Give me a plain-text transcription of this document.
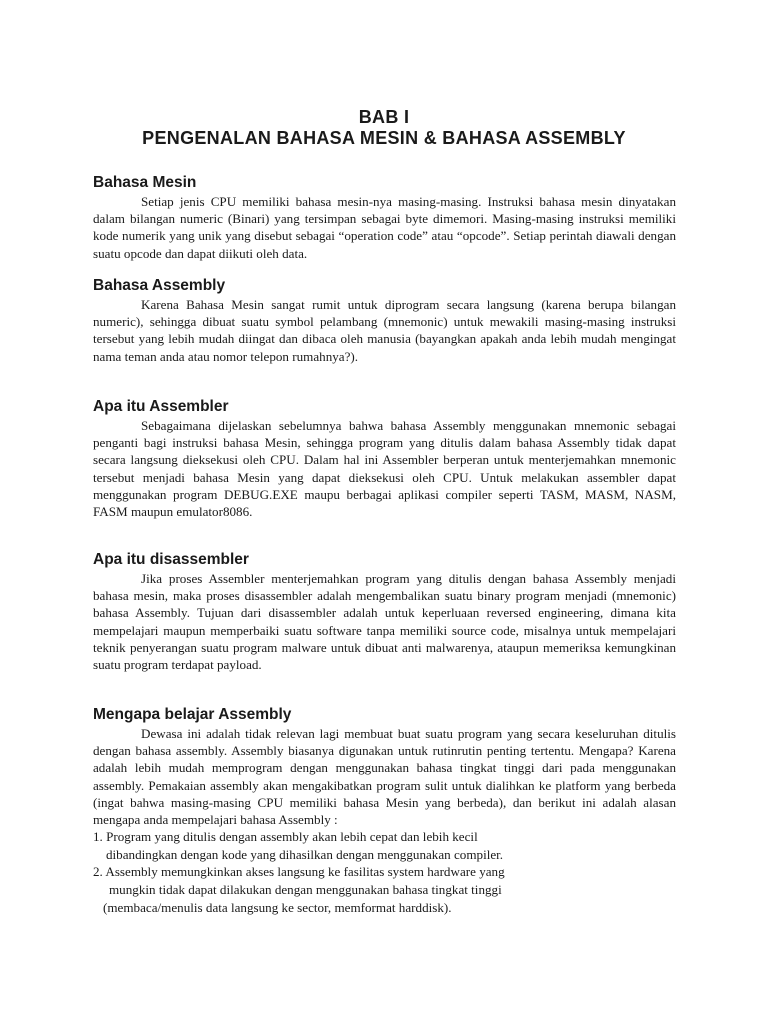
BAB I
PENGENALAN BAHASA MESIN & BAHASA ASSEMBLY
Bahasa Mesin

Setiap jenis CPU memiliki bahasa mesin-nya masing-masing. Instruksi bahasa mesin dinyatakan dalam bilangan numeric (Binari) yang tersimpan sebagai byte dimemori. Masing-masing instruksi memiliki kode numerik yang unik yang disebut sebagai “operation code” atau “opcode”. Setiap perintah diawali dengan suatu opcode dan dapat diikuti oleh data.

Bahasa Assembly

Karena Bahasa Mesin sangat rumit untuk diprogram secara langsung (karena berupa bilangan numeric), sehingga dibuat suatu symbol pelambang (mnemonic) untuk mewakili masing-masing instruksi tersebut yang lebih mudah diingat dan dibaca oleh manusia (bayangkan apakah anda lebih mudah mengingat nama teman anda atau nomor telepon rumahnya?).

Apa itu Assembler

Sebagaimana dijelaskan sebelumnya bahwa bahasa Assembly menggunakan mnemonic sebagai penganti bagi instruksi bahasa Mesin, sehingga program yang ditulis dalam bahasa Assembly tidak dapat secara langsung dieksekusi oleh CPU. Dalam hal ini Assembler berperan untuk menterjemahkan mnemonic tersebut menjadi bahasa Mesin yang dapat dieksekusi oleh CPU. Untuk melakukan assembler dapat menggunakan program DEBUG.EXE maupu berbagai aplikasi compiler seperti TASM, MASM, NASM, FASM maupun emulator8086.

Apa itu disassembler

Jika proses Assembler menterjemahkan program yang ditulis dengan bahasa Assembly menjadi bahasa mesin, maka proses disassembler adalah mengembalikan suatu binary program menjadi (mnemonic) bahasa Assembly. Tujuan dari disassembler adalah untuk keperluaan reversed engineering, dimana kita mempelajari maupun memperbaiki suatu software tanpa memiliki source code, misalnya untuk mempelajari teknik penyerangan suatu program malware untuk dibuat anti malwarenya, ataupun memeriksa kemungkinan suatu program terdapat payload.

Mengapa belajar Assembly

Dewasa ini adalah tidak relevan lagi membuat buat suatu program yang secara keseluruhan ditulis dengan bahasa assembly. Assembly biasanya digunakan untuk rutinrutin penting tertentu. Mengapa? Karena adalah lebih mudah memprogram dengan menggunakan bahasa tingkat tinggi dari pada menggunakan assembly. Pemakaian assembly akan mengakibatkan program sulit untuk dialihkan ke platform yang berbeda (ingat bahwa masing-masing CPU memiliki bahasa Mesin yang berbeda), dan berikut ini adalah alasan mengapa anda mempelajari bahasa Assembly :

1. Program yang ditulis dengan assembly akan lebih cepat dan lebih kecil
dibandingkan dengan kode yang dihasilkan dengan menggunakan compiler.
2. Assembly memungkinkan akses langsung ke fasilitas system hardware yang
mungkin tidak dapat dilakukan dengan menggunakan bahasa tingkat tinggi
(membaca/menulis data langsung ke sector, memformat harddisk).
